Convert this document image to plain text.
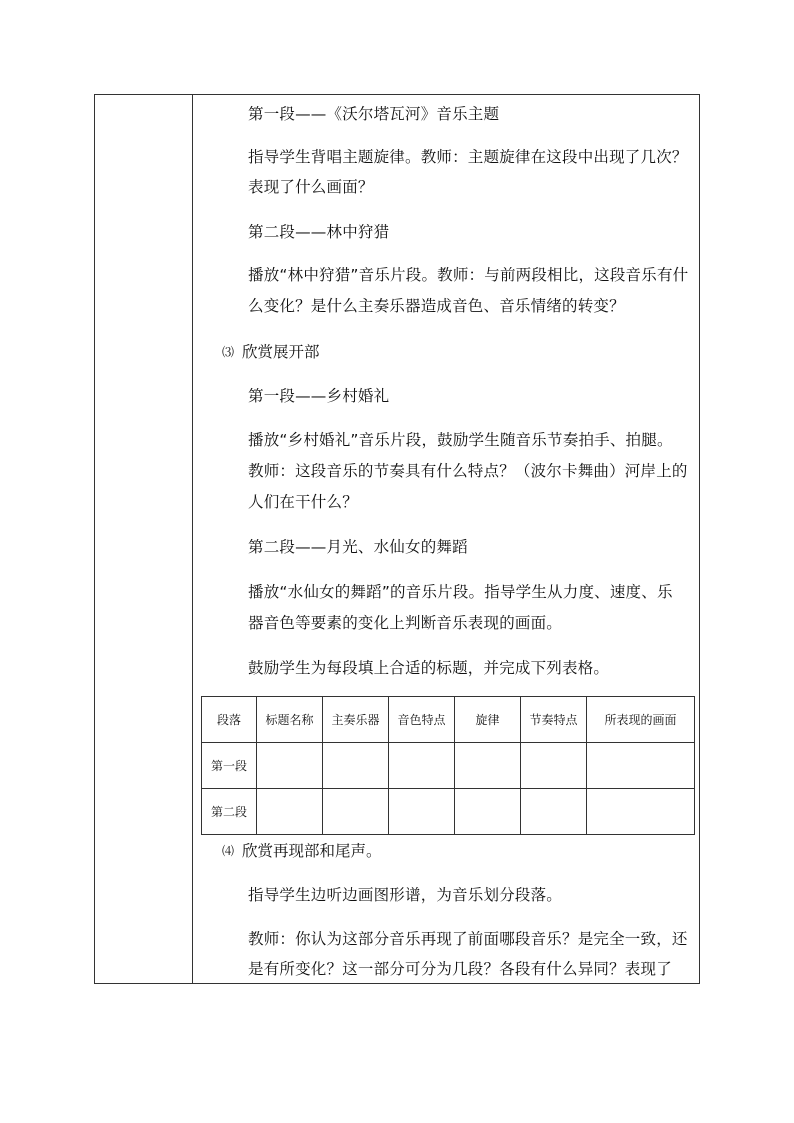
第一段——《沃尔塔瓦河》音乐主题
指导学生背唱主题旋律。教师：主题旋律在这段中出现了几次？
表现了什么画面？
第二段——林中狩猎
播放“林中狩猎”音乐片段。教师：与前两段相比，这段音乐有什
么变化？是什么主奏乐器造成音色、音乐情绪的转变？
⑶ 欣赏展开部
第一段——乡村婚礼
播放“乡村婚礼”音乐片段，鼓励学生随音乐节奏拍手、拍腿。
教师：这段音乐的节奏具有什么特点？（波尔卡舞曲）河岸上的
人们在干什么？
第二段——月光、水仙女的舞蹈
播放“水仙女的舞蹈”的音乐片段。指导学生从力度、速度、乐
器音色等要素的变化上判断音乐表现的画面。
鼓励学生为每段填上合适的标题，并完成下列表格。
段落	标题名称	主奏乐器	音色特点	旋律	节奏特点	所表现的画面
第一段						
第二段						
⑷ 欣赏再现部和尾声。
指导学生边听边画图形谱，为音乐划分段落。
教师：你认为这部分音乐再现了前面哪段音乐？是完全一致，还
是有所变化？这一部分可分为几段？各段有什么异同？表现了
